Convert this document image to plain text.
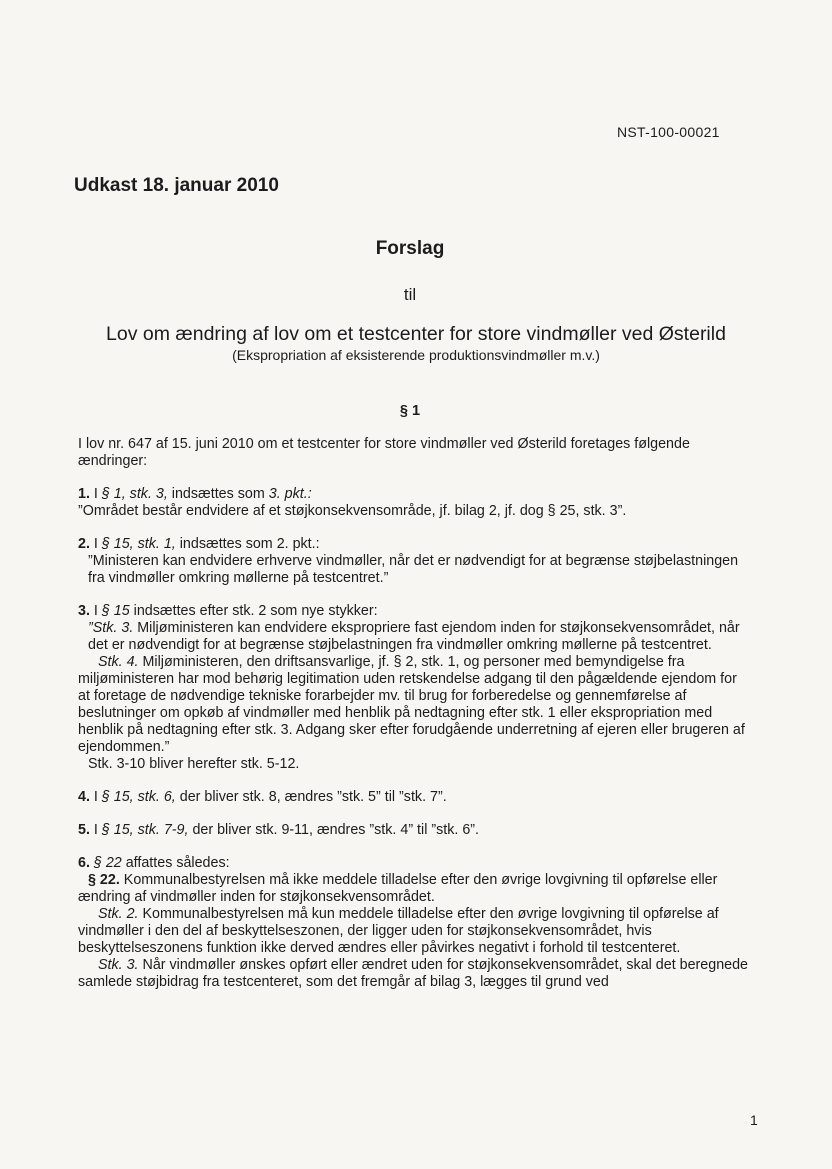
NST-100-00021
Udkast 18. januar 2010
Forslag
til
Lov om ændring af lov om et testcenter for store vindmøller ved Østerild
(Ekspropriation af eksisterende produktionsvindmøller m.v.)
§ 1

I lov nr. 647 af 15. juni 2010 om et testcenter for store vindmøller ved Østerild foretages følgende ændringer:

1. I § 1, stk. 3, indsættes som 3. pkt.:

”Området består endvidere af et støjkonsekvensområde, jf. bilag 2, jf. dog § 25, stk. 3”.

2. I § 15, stk. 1, indsættes som 2. pkt.:

”Ministeren kan endvidere erhverve vindmøller, når det er nødvendigt for at begrænse støjbelastningen fra vindmøller omkring møllerne på testcentret.”

3. I § 15 indsættes efter stk. 2 som nye stykker:

”Stk. 3. Miljøministeren kan endvidere ekspropriere fast ejendom inden for støjkonsekvensområdet, når det er nødvendigt for at begrænse støjbelastningen fra vindmøller omkring møllerne på testcentret.

Stk. 4. Miljøministeren, den driftsansvarlige, jf. § 2, stk. 1, og personer med bemyndigelse fra miljøministeren har mod behørig legitimation uden retskendelse adgang til den pågældende ejendom for at foretage de nødvendige tekniske forarbejder mv. til brug for forberedelse og gennemførelse af beslutninger om opkøb af vindmøller med henblik på nedtagning efter stk. 1 eller ekspropriation med henblik på nedtagning efter stk. 3. Adgang sker efter forudgående underretning af ejeren eller brugeren af ejendommen.”

Stk. 3-10 bliver herefter stk. 5-12.

4. I § 15, stk. 6, der bliver stk. 8, ændres ”stk. 5” til ”stk. 7”.

5. I § 15, stk. 7-9, der bliver stk. 9-11, ændres ”stk. 4” til ”stk. 6”.

6. § 22 affattes således:

§ 22. Kommunalbestyrelsen må ikke meddele tilladelse efter den øvrige lovgivning til opførelse eller ændring af vindmøller inden for støjkonsekvensområdet.

Stk. 2. Kommunalbestyrelsen må kun meddele tilladelse efter den øvrige lovgivning til opførelse af vindmøller i den del af beskyttelseszonen, der ligger uden for støjkonsekvensområdet, hvis beskyttelseszonens funktion ikke derved ændres eller påvirkes negativt i forhold til testcenteret.

Stk. 3. Når vindmøller ønskes opført eller ændret uden for støjkonsekvensområdet, skal det beregnede samlede støjbidrag fra testcenteret, som det fremgår af bilag 3, lægges til grund ved

1
